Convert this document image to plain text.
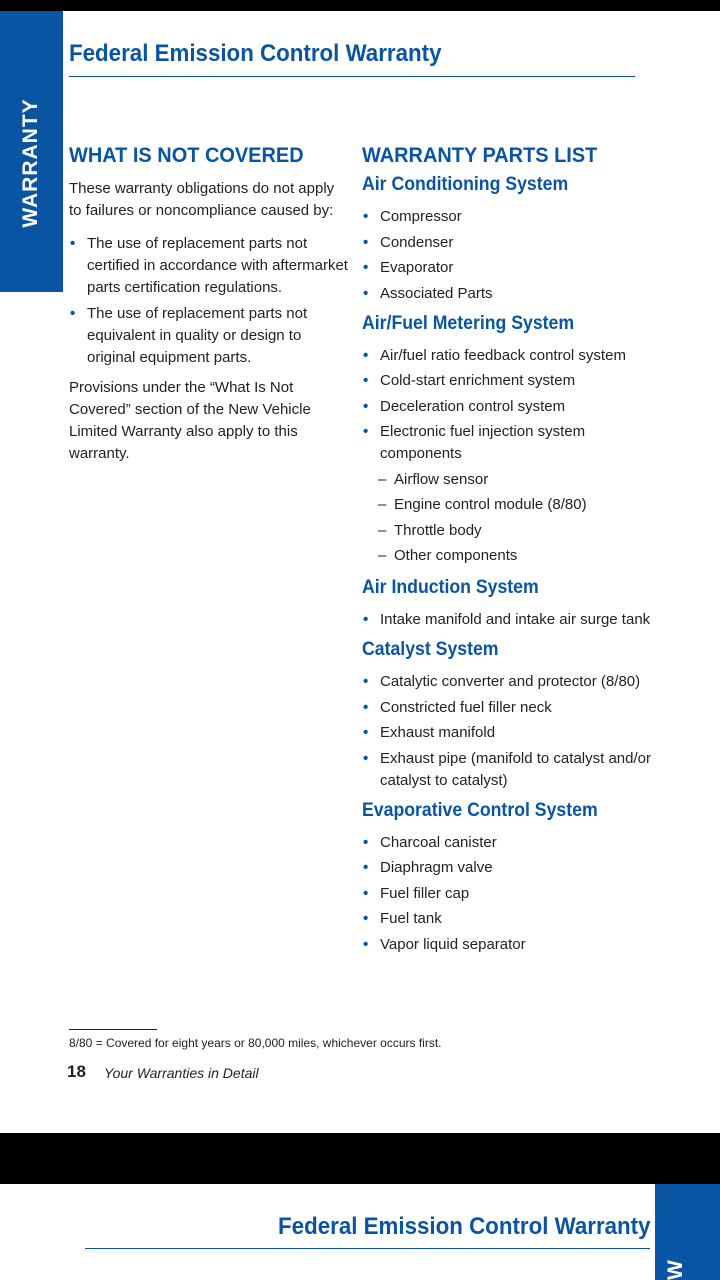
WARRANTY
Federal Emission Control Warranty
WHAT IS NOT COVERED

These warranty obligations do not apply to failures or noncompliance caused by:

• The use of replacement parts not certified in accordance with aftermarket parts certification regulations.
• The use of replacement parts not equivalent in quality or design to original equipment parts.

Provisions under the “What Is Not Covered” section of the New Vehicle Limited Warranty also apply to this warranty.

WARRANTY PARTS LIST
Air Conditioning System
• Compressor
• Condenser
• Evaporator
• Associated Parts
Air/Fuel Metering System
• Air/fuel ratio feedback control system
• Cold-start enrichment system
• Deceleration control system
• Electronic fuel injection system components
– Airflow sensor
– Engine control module (8/80)
– Throttle body
– Other components
Air Induction System
• Intake manifold and intake air surge tank
Catalyst System
• Catalytic converter and protector (8/80)
• Constricted fuel filler neck
• Exhaust manifold
• Exhaust pipe (manifold to catalyst and/or catalyst to catalyst)
Evaporative Control System
• Charcoal canister
• Diaphragm valve
• Fuel filler cap
• Fuel tank
• Vapor liquid separator
8/80 = Covered for eight years or 80,000 miles, whichever occurs first.
18 Your Warranties in Detail
W
Federal Emission Control Warranty
